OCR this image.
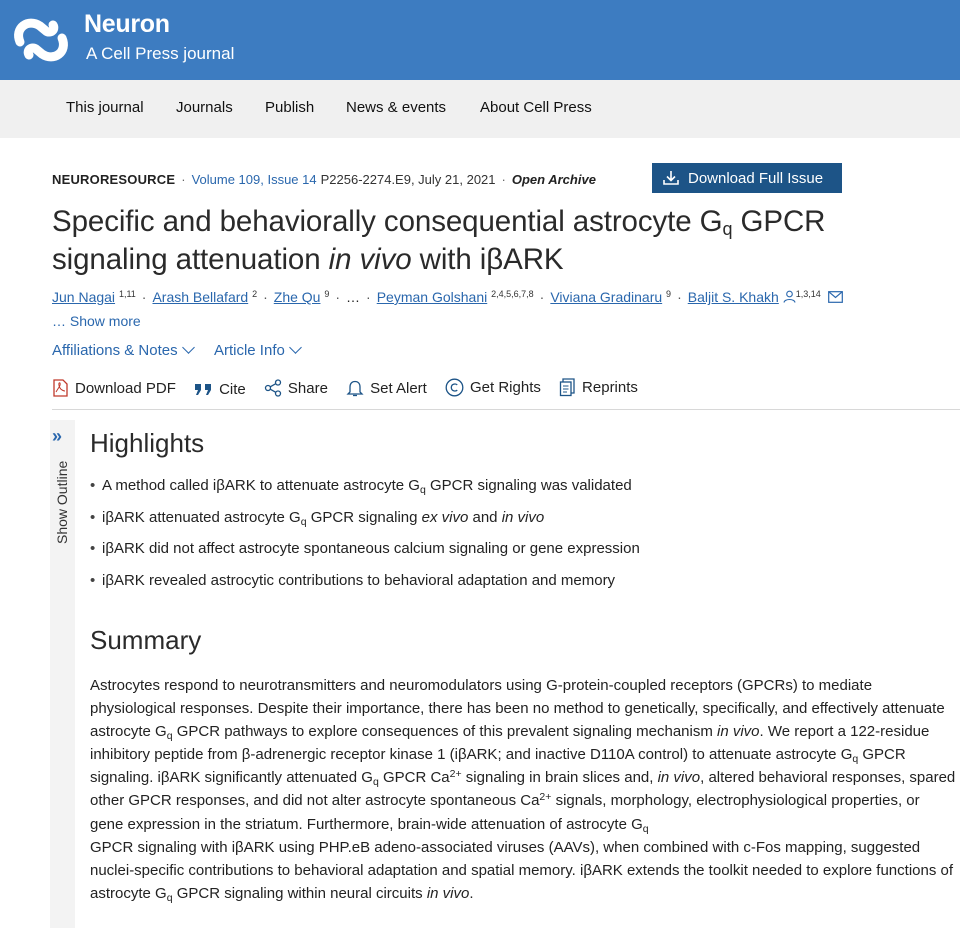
Neuron
A Cell Press journal
This journal Journals Publish News & events About Cell Press
NEURORESOURCE · Volume 109, Issue 14 P2256-2274.E9, July 21, 2021 · Open Archive	Download Full Issue
Specific and behaviorally consequential astrocyte $G_q$ GPCR signaling attenuation in vivo with iβARK
Jun Nagai $^{1,11}$ · Arash Bellafard $^2$ · Zhe Qu $^9$ · … · Peyman Golshani $^{2,4,5,6,7,8}$ · Viviana Gradinaru $^9$ · Baljit S. Khakh $^{1,3,14}$
… Show more
Affiliations & Notes Article Info
Download PDF
	Cite
	Share
	Set Alert
	Get Rights
	Reprints
»
Show Outline
Highlights
• A method called iβARK to attenuate astrocyte $G_q$ GPCR signaling was validated
• iβARK attenuated astrocyte $G_q$ GPCR signaling ex vivo and in vivo
• iβARK did not affect astrocyte spontaneous calcium signaling or gene expression
• iβARK revealed astrocytic contributions to behavioral adaptation and memory
Summary

Astrocytes respond to neurotransmitters and neuromodulators using G-protein-coupled receptors (GPCRs) to mediate physiological responses. Despite their importance, there has been no method to genetically, specifically, and effectively attenuate astrocyte $G_q$ GPCR pathways to explore consequences of this prevalent signaling mechanism in vivo. We report a 122-residue inhibitory peptide from β-adrenergic receptor kinase 1 (iβARK; and inactive D110A control) to attenuate astrocyte $G_q$ GPCR signaling. iβARK significantly attenuated $G_q$ GPCR $Ca^{2+}$ signaling in brain slices and, in vivo, altered behavioral responses, spared other GPCR responses, and did not alter astrocyte spontaneous $Ca^{2+}$ signals, morphology, electrophysiological properties, or gene expression in the striatum. Furthermore, brain-wide attenuation of astrocyte $G_q$
GPCR signaling with iβARK using PHP.eB adeno-associated viruses (AAVs), when combined with c-Fos mapping, suggested nuclei-specific contributions to behavioral adaptation and spatial memory. iβARK extends the toolkit needed to explore functions of astrocyte $G_q$ GPCR signaling within neural circuits in vivo.
